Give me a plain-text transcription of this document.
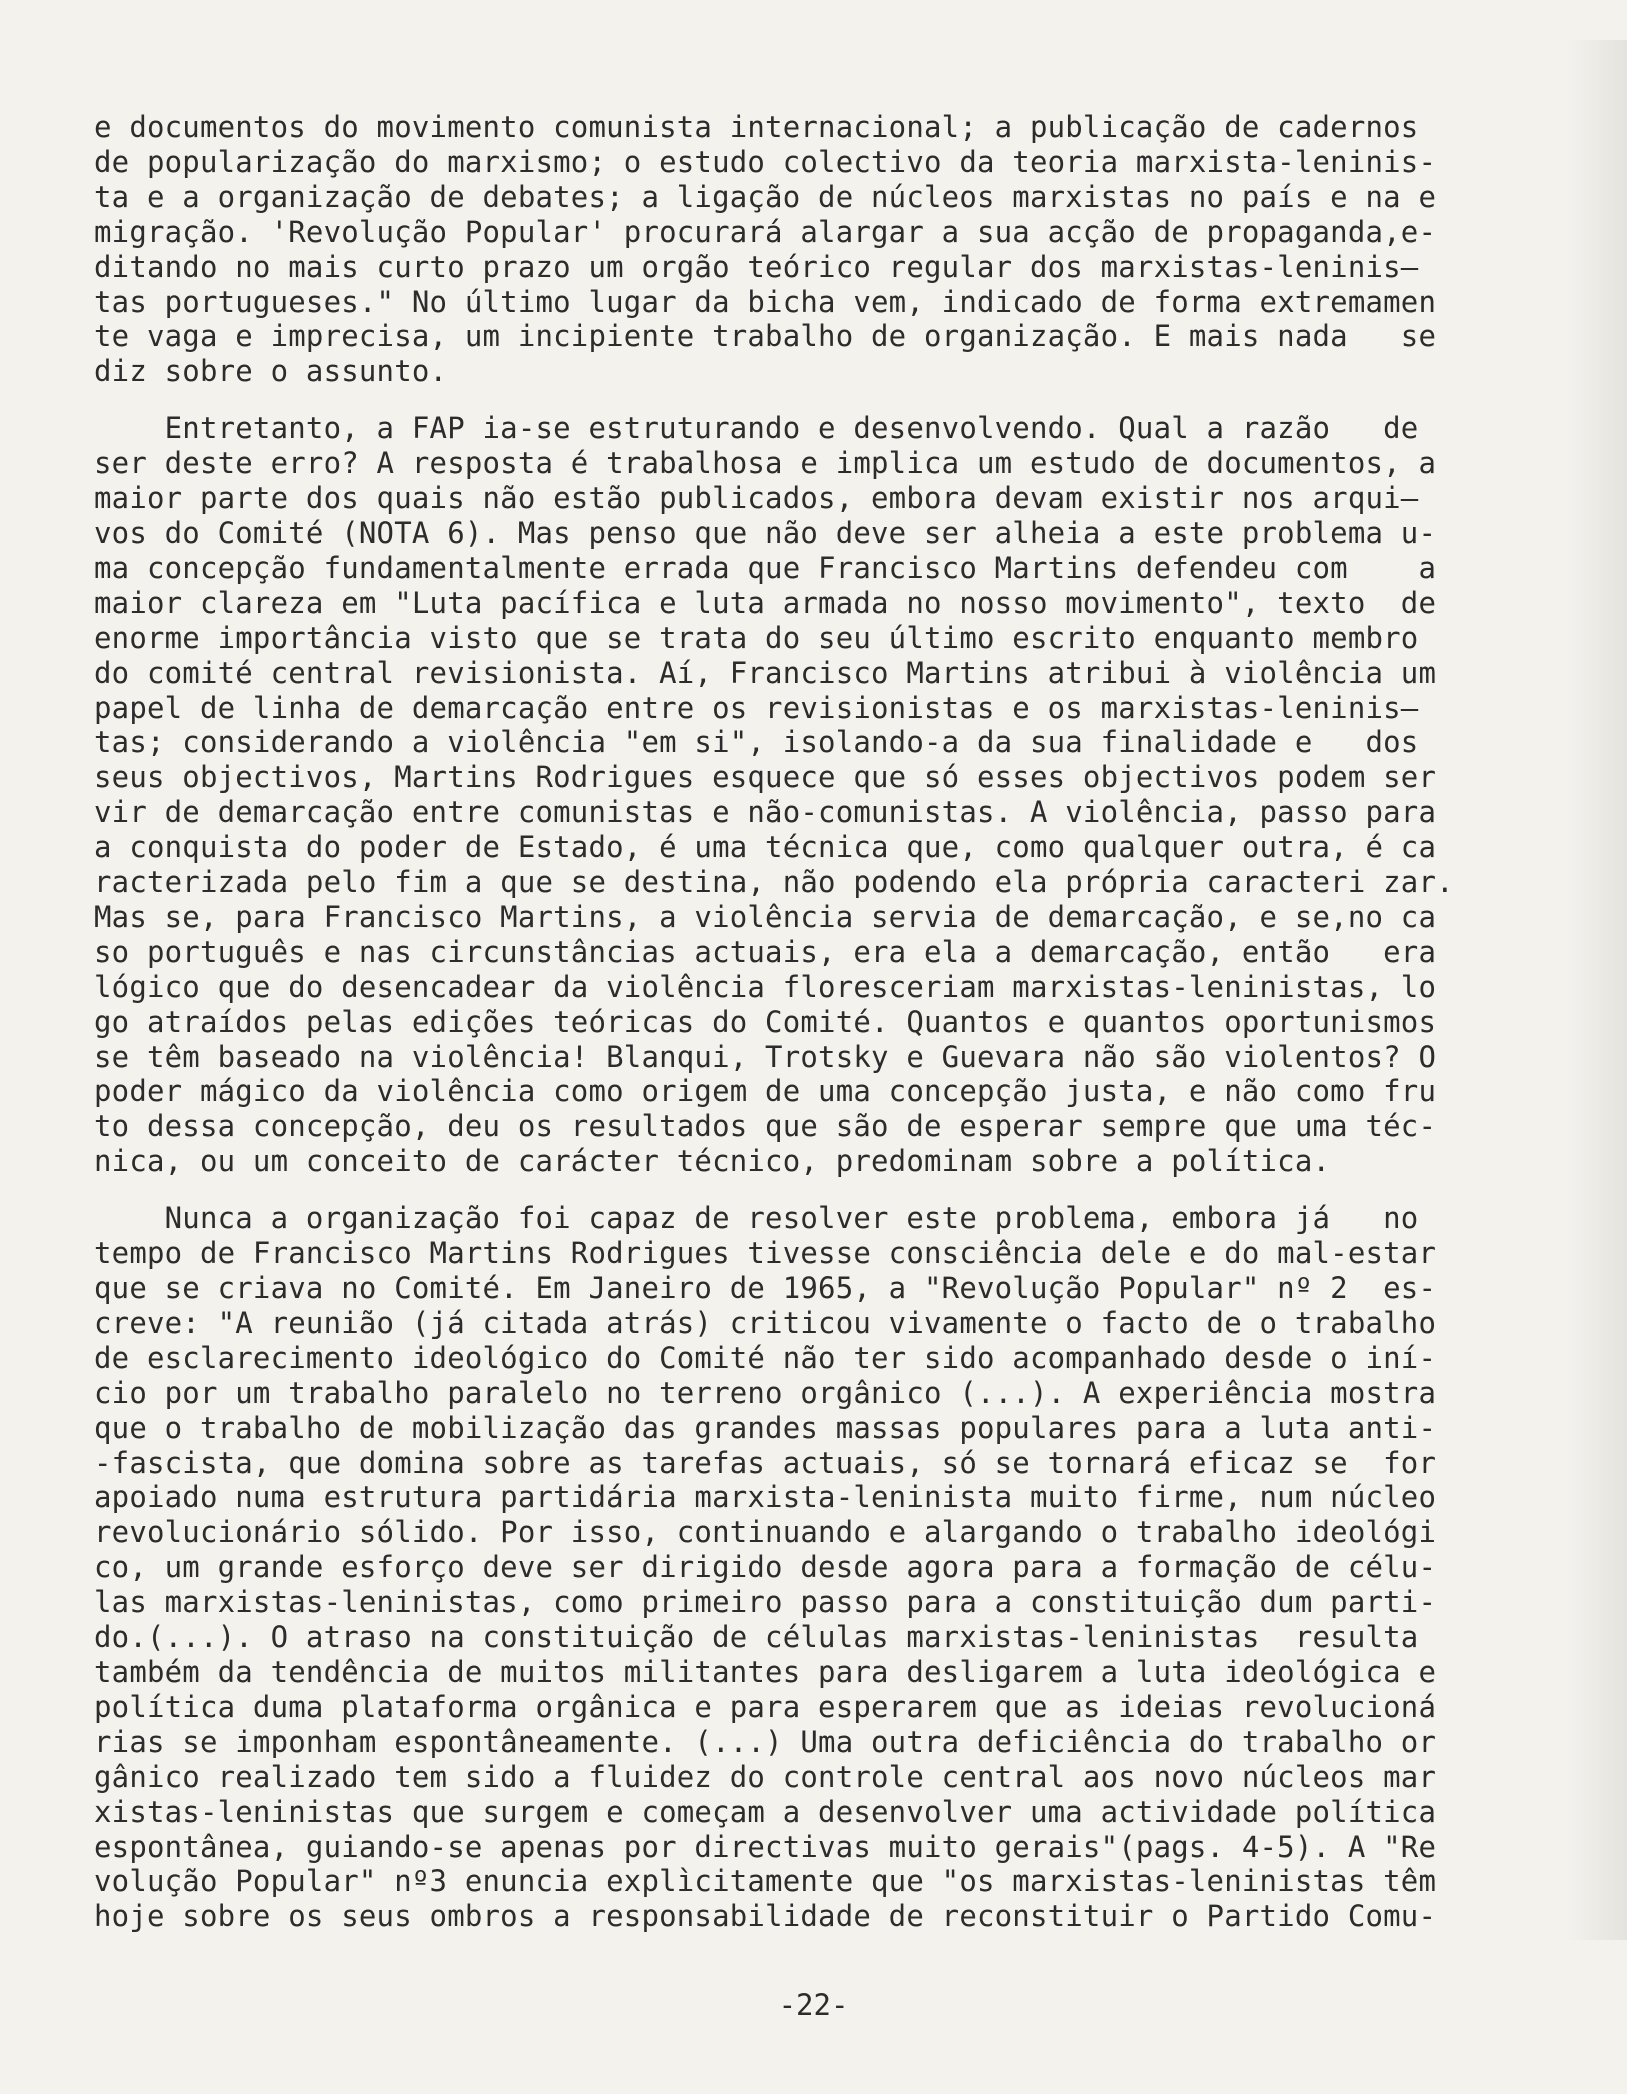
e documentos do movimento comunista internacional; a publicação de cadernos
de popularização do marxismo; o estudo colectivo da teoria marxista-leninis-
ta e a organização de debates; a ligação de núcleos marxistas no país e na e
migração. 'Revolução Popular' procurará alargar a sua acção de propaganda,e-
ditando no mais curto prazo um orgão teórico regular dos marxistas-leninis—
tas portugueses." No último lugar da bicha vem, indicado de forma extremamen
te vaga e imprecisa, um incipiente trabalho de organização. E mais nada   se
diz sobre o assunto.
Entretanto, a FAP ia-se estruturando e desenvolvendo. Qual a razão   de
ser deste erro? A resposta é trabalhosa e implica um estudo de documentos, a
maior parte dos quais não estão publicados, embora devam existir nos arqui—
vos do Comité (NOTA 6). Mas penso que não deve ser alheia a este problema u-
ma concepção fundamentalmente errada que Francisco Martins defendeu com    a
maior clareza em "Luta pacífica e luta armada no nosso movimento", texto  de
enorme importância visto que se trata do seu último escrito enquanto membro
do comité central revisionista. Aí, Francisco Martins atribui à violência um
papel de linha de demarcação entre os revisionistas e os marxistas-leninis—
tas; considerando a violência "em si", isolando-a da sua finalidade e   dos
seus objectivos, Martins Rodrigues esquece que só esses objectivos podem ser
vir de demarcação entre comunistas e não-comunistas. A violência, passo para
a conquista do poder de Estado, é uma técnica que, como qualquer outra, é ca
racterizada pelo fim a que se destina, não podendo ela própria caracteri zar.
Mas se, para Francisco Martins, a violência servia de demarcação, e se,no ca
so português e nas circunstâncias actuais, era ela a demarcação, então   era
lógico que do desencadear da violência floresceriam marxistas-leninistas, lo
go atraídos pelas edições teóricas do Comité. Quantos e quantos oportunismos
se têm baseado na violência! Blanqui, Trotsky e Guevara não são violentos? O
poder mágico da violência como origem de uma concepção justa, e não como fru
to dessa concepção, deu os resultados que são de esperar sempre que uma téc-
nica, ou um conceito de carácter técnico, predominam sobre a política.
Nunca a organização foi capaz de resolver este problema, embora já   no
tempo de Francisco Martins Rodrigues tivesse consciência dele e do mal-estar
que se criava no Comité. Em Janeiro de 1965, a "Revolução Popular" nº 2  es-
creve: "A reunião (já citada atrás) criticou vivamente o facto de o trabalho
de esclarecimento ideológico do Comité não ter sido acompanhado desde o iní-
cio por um trabalho paralelo no terreno orgânico (...). A experiência mostra
que o trabalho de mobilização das grandes massas populares para a luta anti-
-fascista, que domina sobre as tarefas actuais, só se tornará eficaz se  for
apoiado numa estrutura partidária marxista-leninista muito firme, num núcleo
revolucionário sólido. Por isso, continuando e alargando o trabalho ideológi
co, um grande esforço deve ser dirigido desde agora para a formação de célu-
las marxistas-leninistas, como primeiro passo para a constituição dum parti-
do.(...). O atraso na constituição de células marxistas-leninistas  resulta
também da tendência de muitos militantes para desligarem a luta ideológica e
política duma plataforma orgânica e para esperarem que as ideias revolucioná
rias se imponham espontâneamente. (...) Uma outra deficiência do trabalho or
gânico realizado tem sido a fluidez do controle central aos novo núcleos mar
xistas-leninistas que surgem e começam a desenvolver uma actividade política
espontânea, guiando-se apenas por directivas muito gerais"(pags. 4-5). A "Re
volução Popular" nº3 enuncia explìcitamente que "os marxistas-leninistas têm
hoje sobre os seus ombros a responsabilidade de reconstituir o Partido Comu-
-22-
